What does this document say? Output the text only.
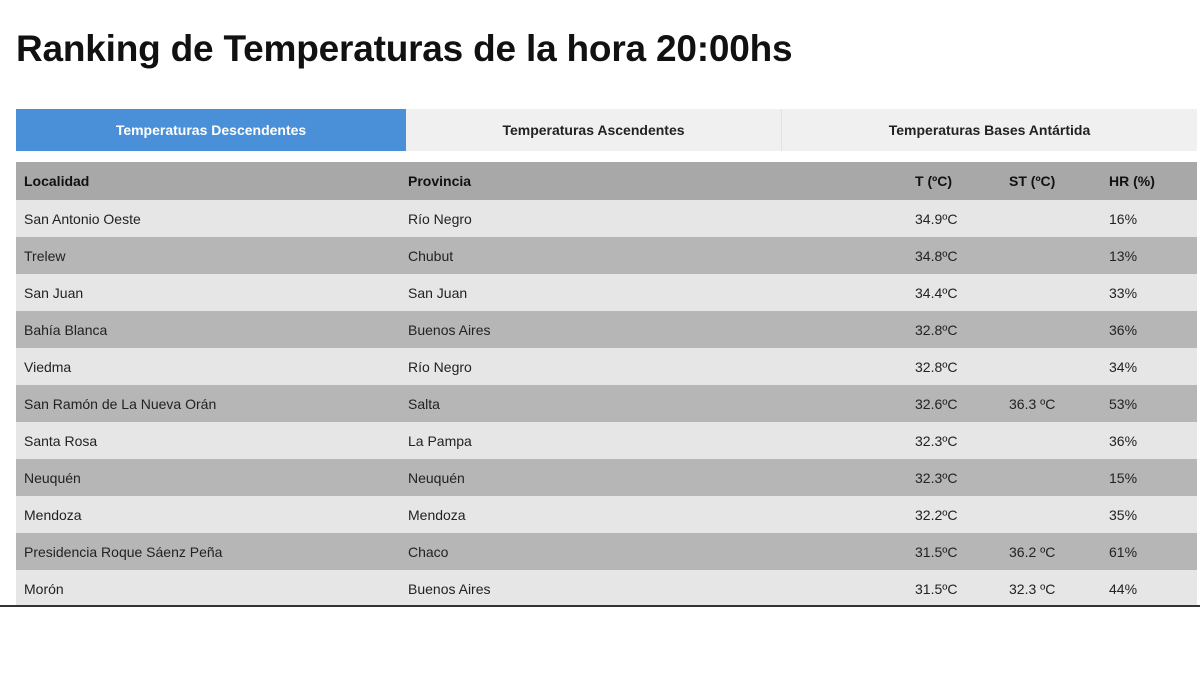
Ranking de Temperaturas de la hora 20:00hs
Temperaturas Descendentes	Temperaturas Ascendentes	Temperaturas Bases Antártida
Localidad	Provincia	T (ºC)	ST (ºC)	HR (%)
San Antonio Oeste	Río Negro	34.9ºC		16%
Trelew	Chubut	34.8ºC		13%
San Juan	San Juan	34.4ºC		33%
Bahía Blanca	Buenos Aires	32.8ºC		36%
Viedma	Río Negro	32.8ºC		34%
San Ramón de La Nueva Orán	Salta	32.6ºC	36.3 ºC	53%
Santa Rosa	La Pampa	32.3ºC		36%
Neuquén	Neuquén	32.3ºC		15%
Mendoza	Mendoza	32.2ºC		35%
Presidencia Roque Sáenz Peña	Chaco	31.5ºC	36.2 ºC	61%
Morón	Buenos Aires	31.5ºC	32.3 ºC	44%
